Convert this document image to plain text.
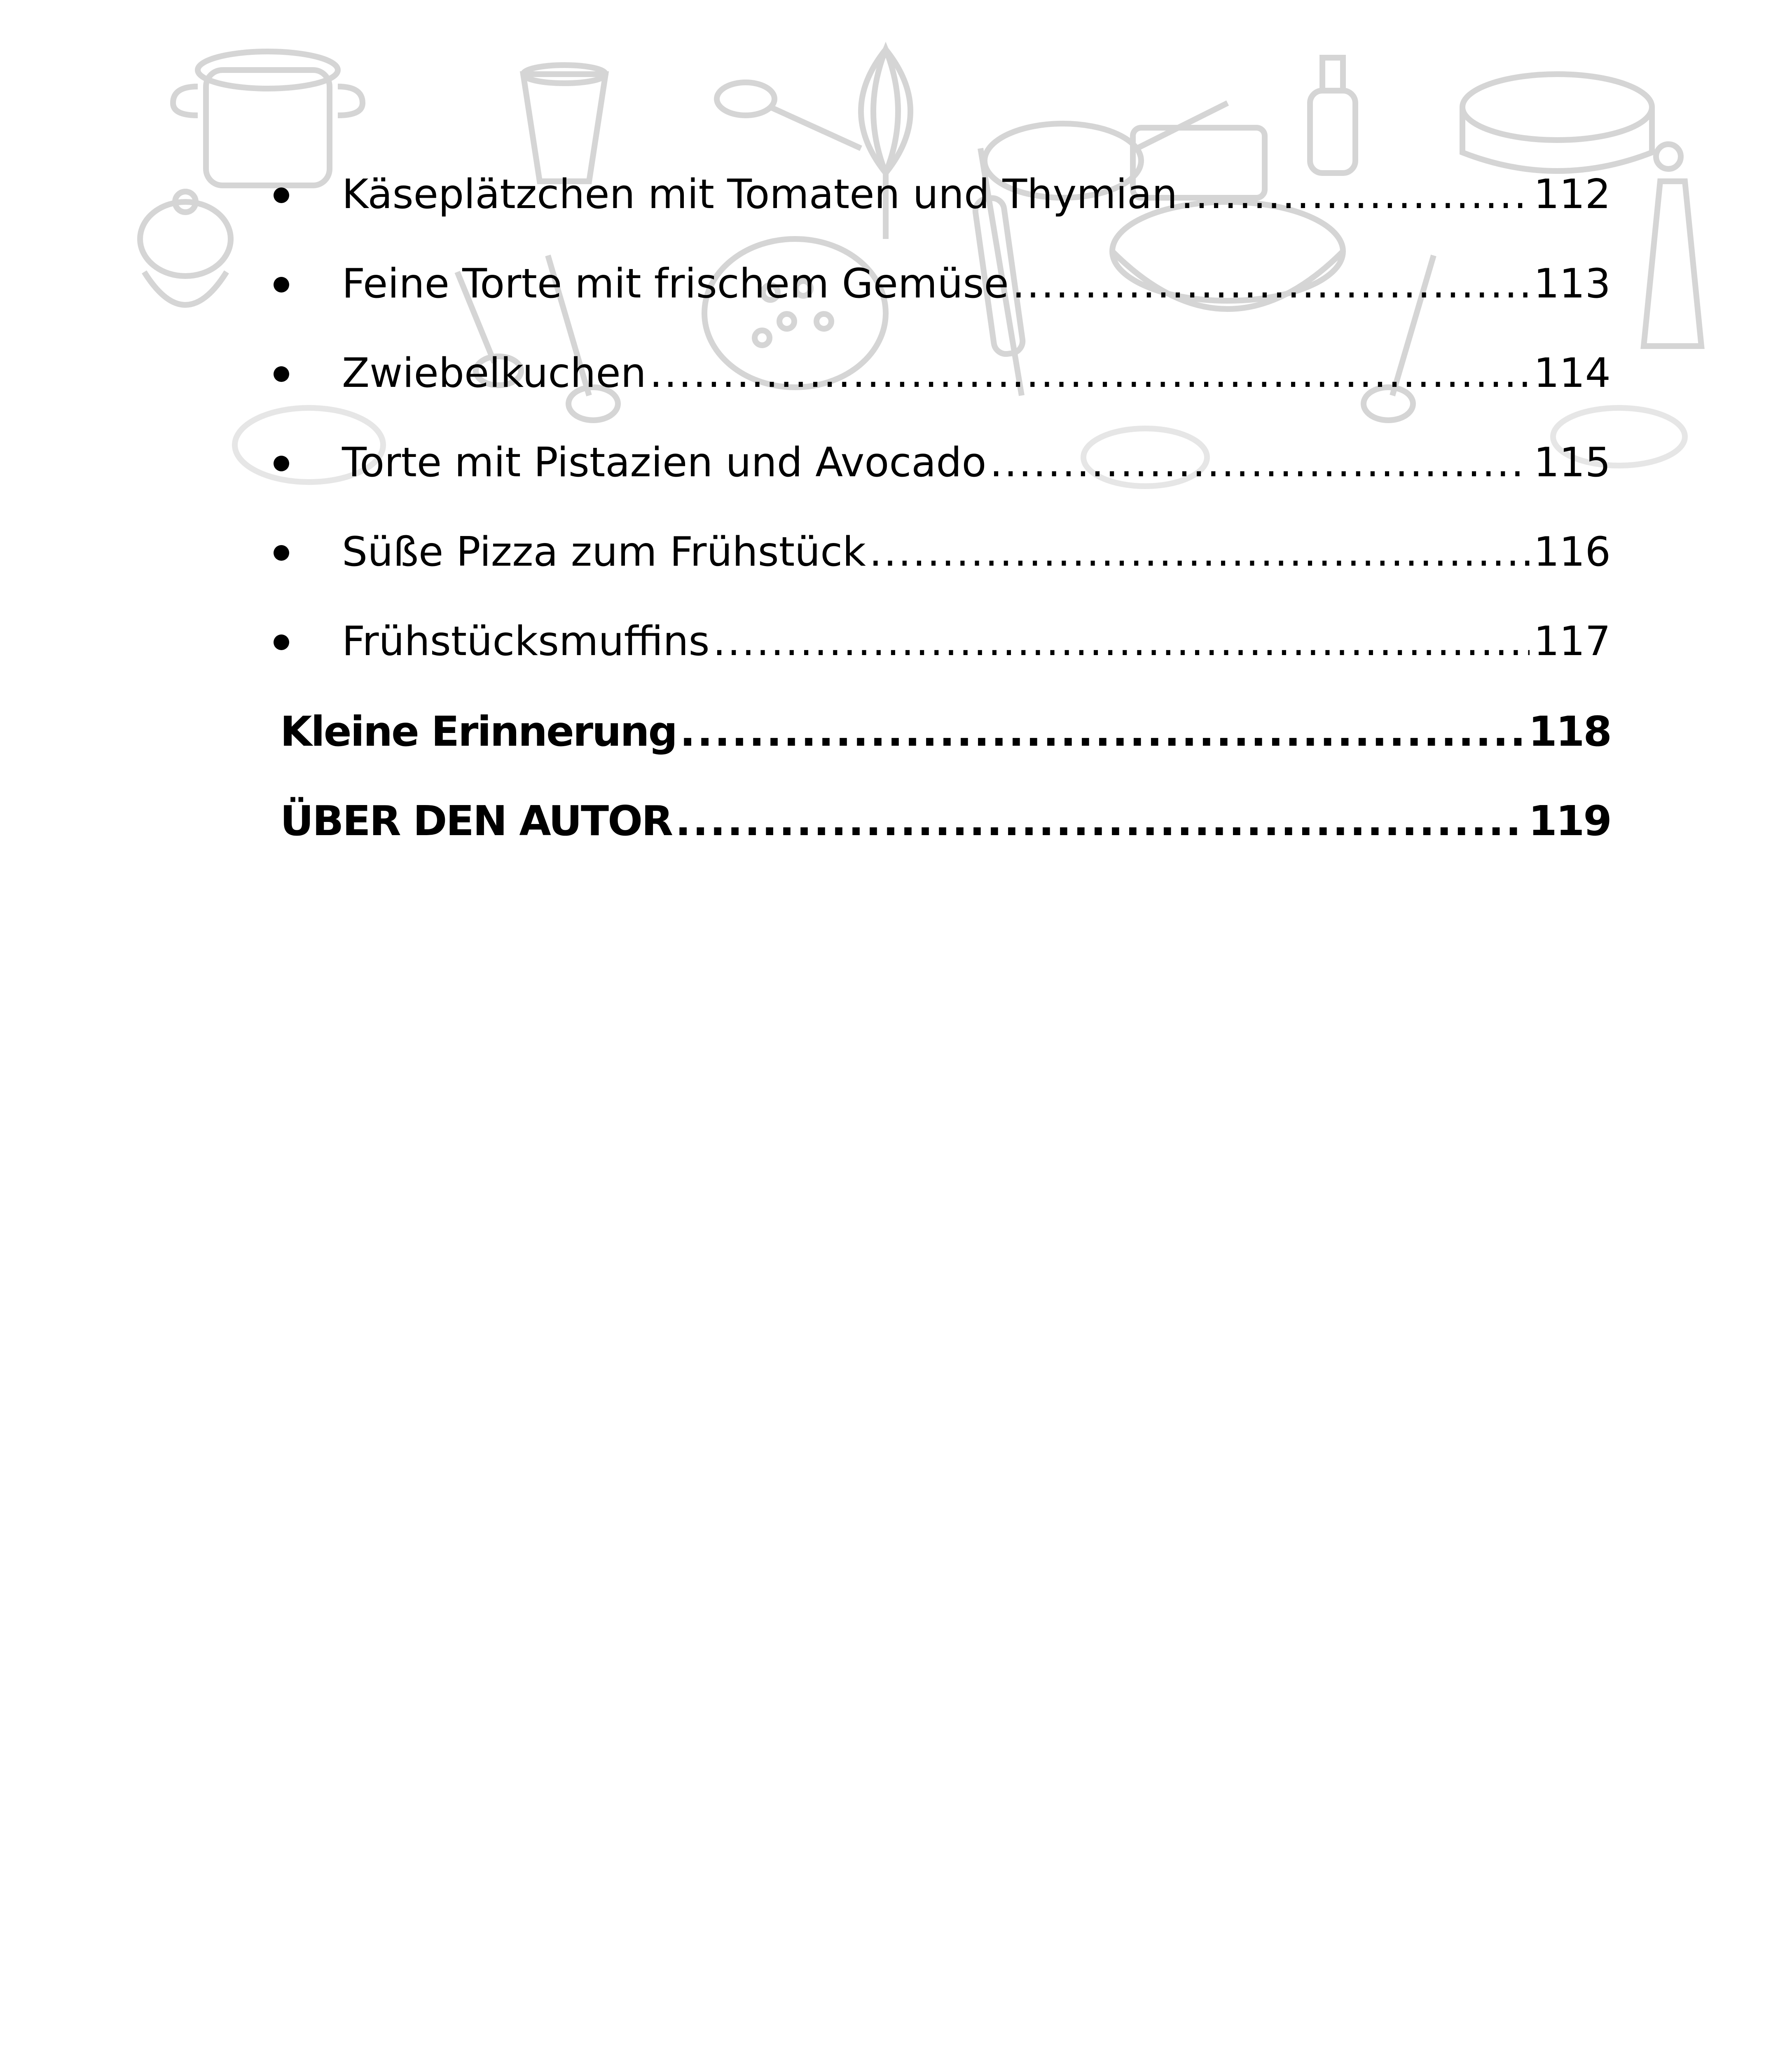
Käseplätzchen mit Tomaten und Thymian .....	112
Feine Torte mit frischem Gemüse .....	113
Zwiebelkuchen .....	114
Torte mit Pistazien und Avocado .....	115
Süße Pizza zum Frühstück .....	116
Frühstücksmuffins .....	117
Kleine Erinnerung .....	118
ÜBER DEN AUTOR .....	119
